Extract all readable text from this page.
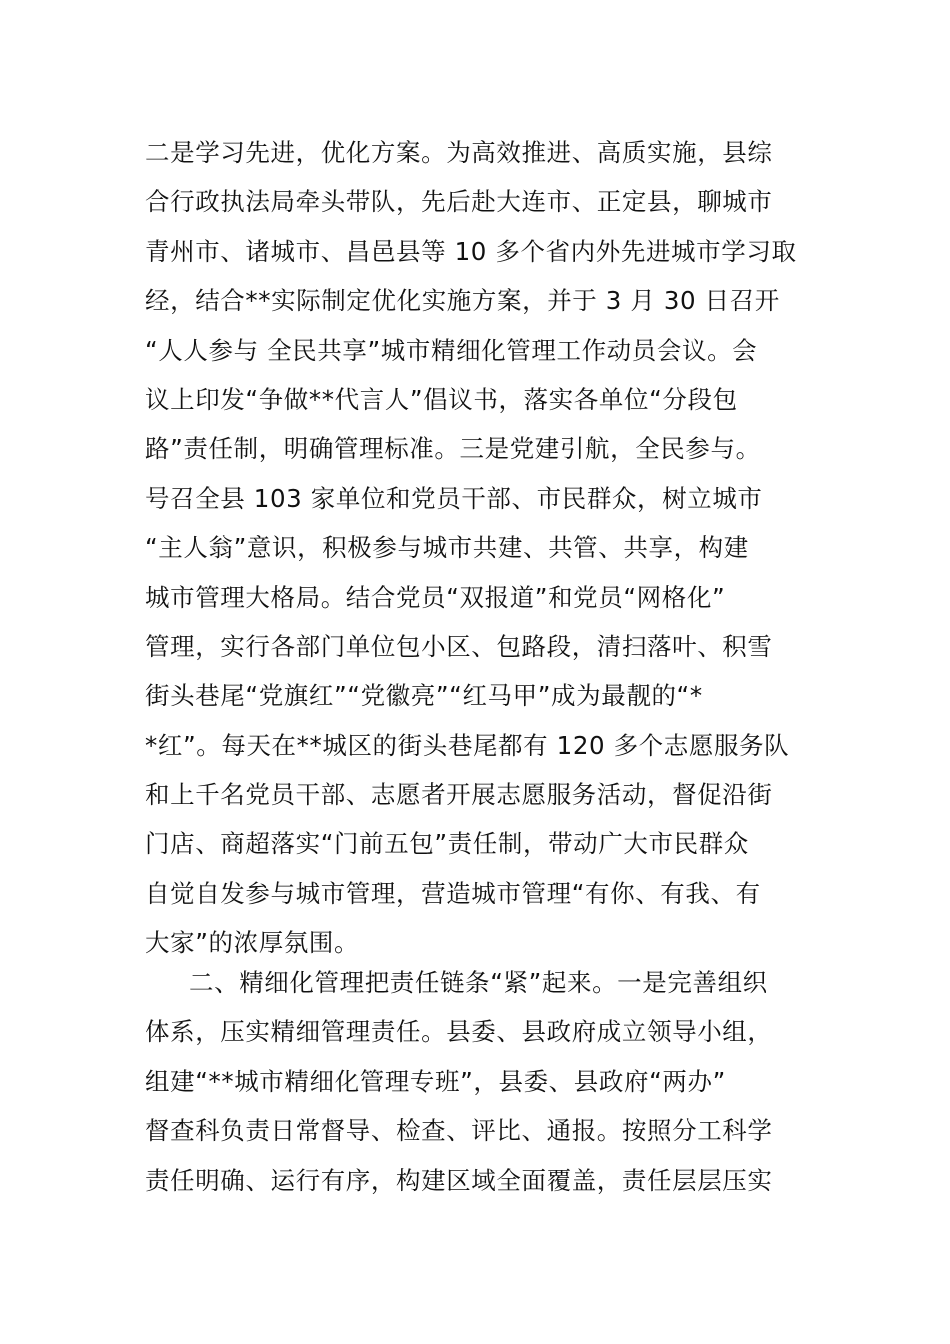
二是学习先进，优化方案。为高效推进、高质实施，县综
合行政执法局牵头带队，先后赴大连市、正定县，聊城市
青州市、诸城市、昌邑县等 10 多个省内外先进城市学习取
经，结合**实际制定优化实施方案，并于 3 月 30 日召开
“人人参与 全民共享”城市精细化管理工作动员会议。会
议上印发“争做**代言人”倡议书，落实各单位“分段包
路”责任制，明确管理标准。三是党建引航，全民参与。
号召全县 103 家单位和党员干部、市民群众，树立城市
“主人翁”意识，积极参与城市共建、共管、共享，构建
城市管理大格局。结合党员“双报道”和党员“网格化”
管理，实行各部门单位包小区、包路段，清扫落叶、积雪
街头巷尾“党旗红”“党徽亮”“红马甲”成为最靓的“*
*红”。每天在**城区的街头巷尾都有 120 多个志愿服务队
和上千名党员干部、志愿者开展志愿服务活动，督促沿街
门店、商超落实“门前五包”责任制，带动广大市民群众
自觉自发参与城市管理，营造城市管理“有你、有我、有
大家”的浓厚氛围。
二、精细化管理把责任链条“紧”起来。一是完善组织
体系，压实精细管理责任。县委、县政府成立领导小组，
组建“**城市精细化管理专班”，县委、县政府“两办”
督查科负责日常督导、检查、评比、通报。按照分工科学
责任明确、运行有序，构建区域全面覆盖，责任层层压实
